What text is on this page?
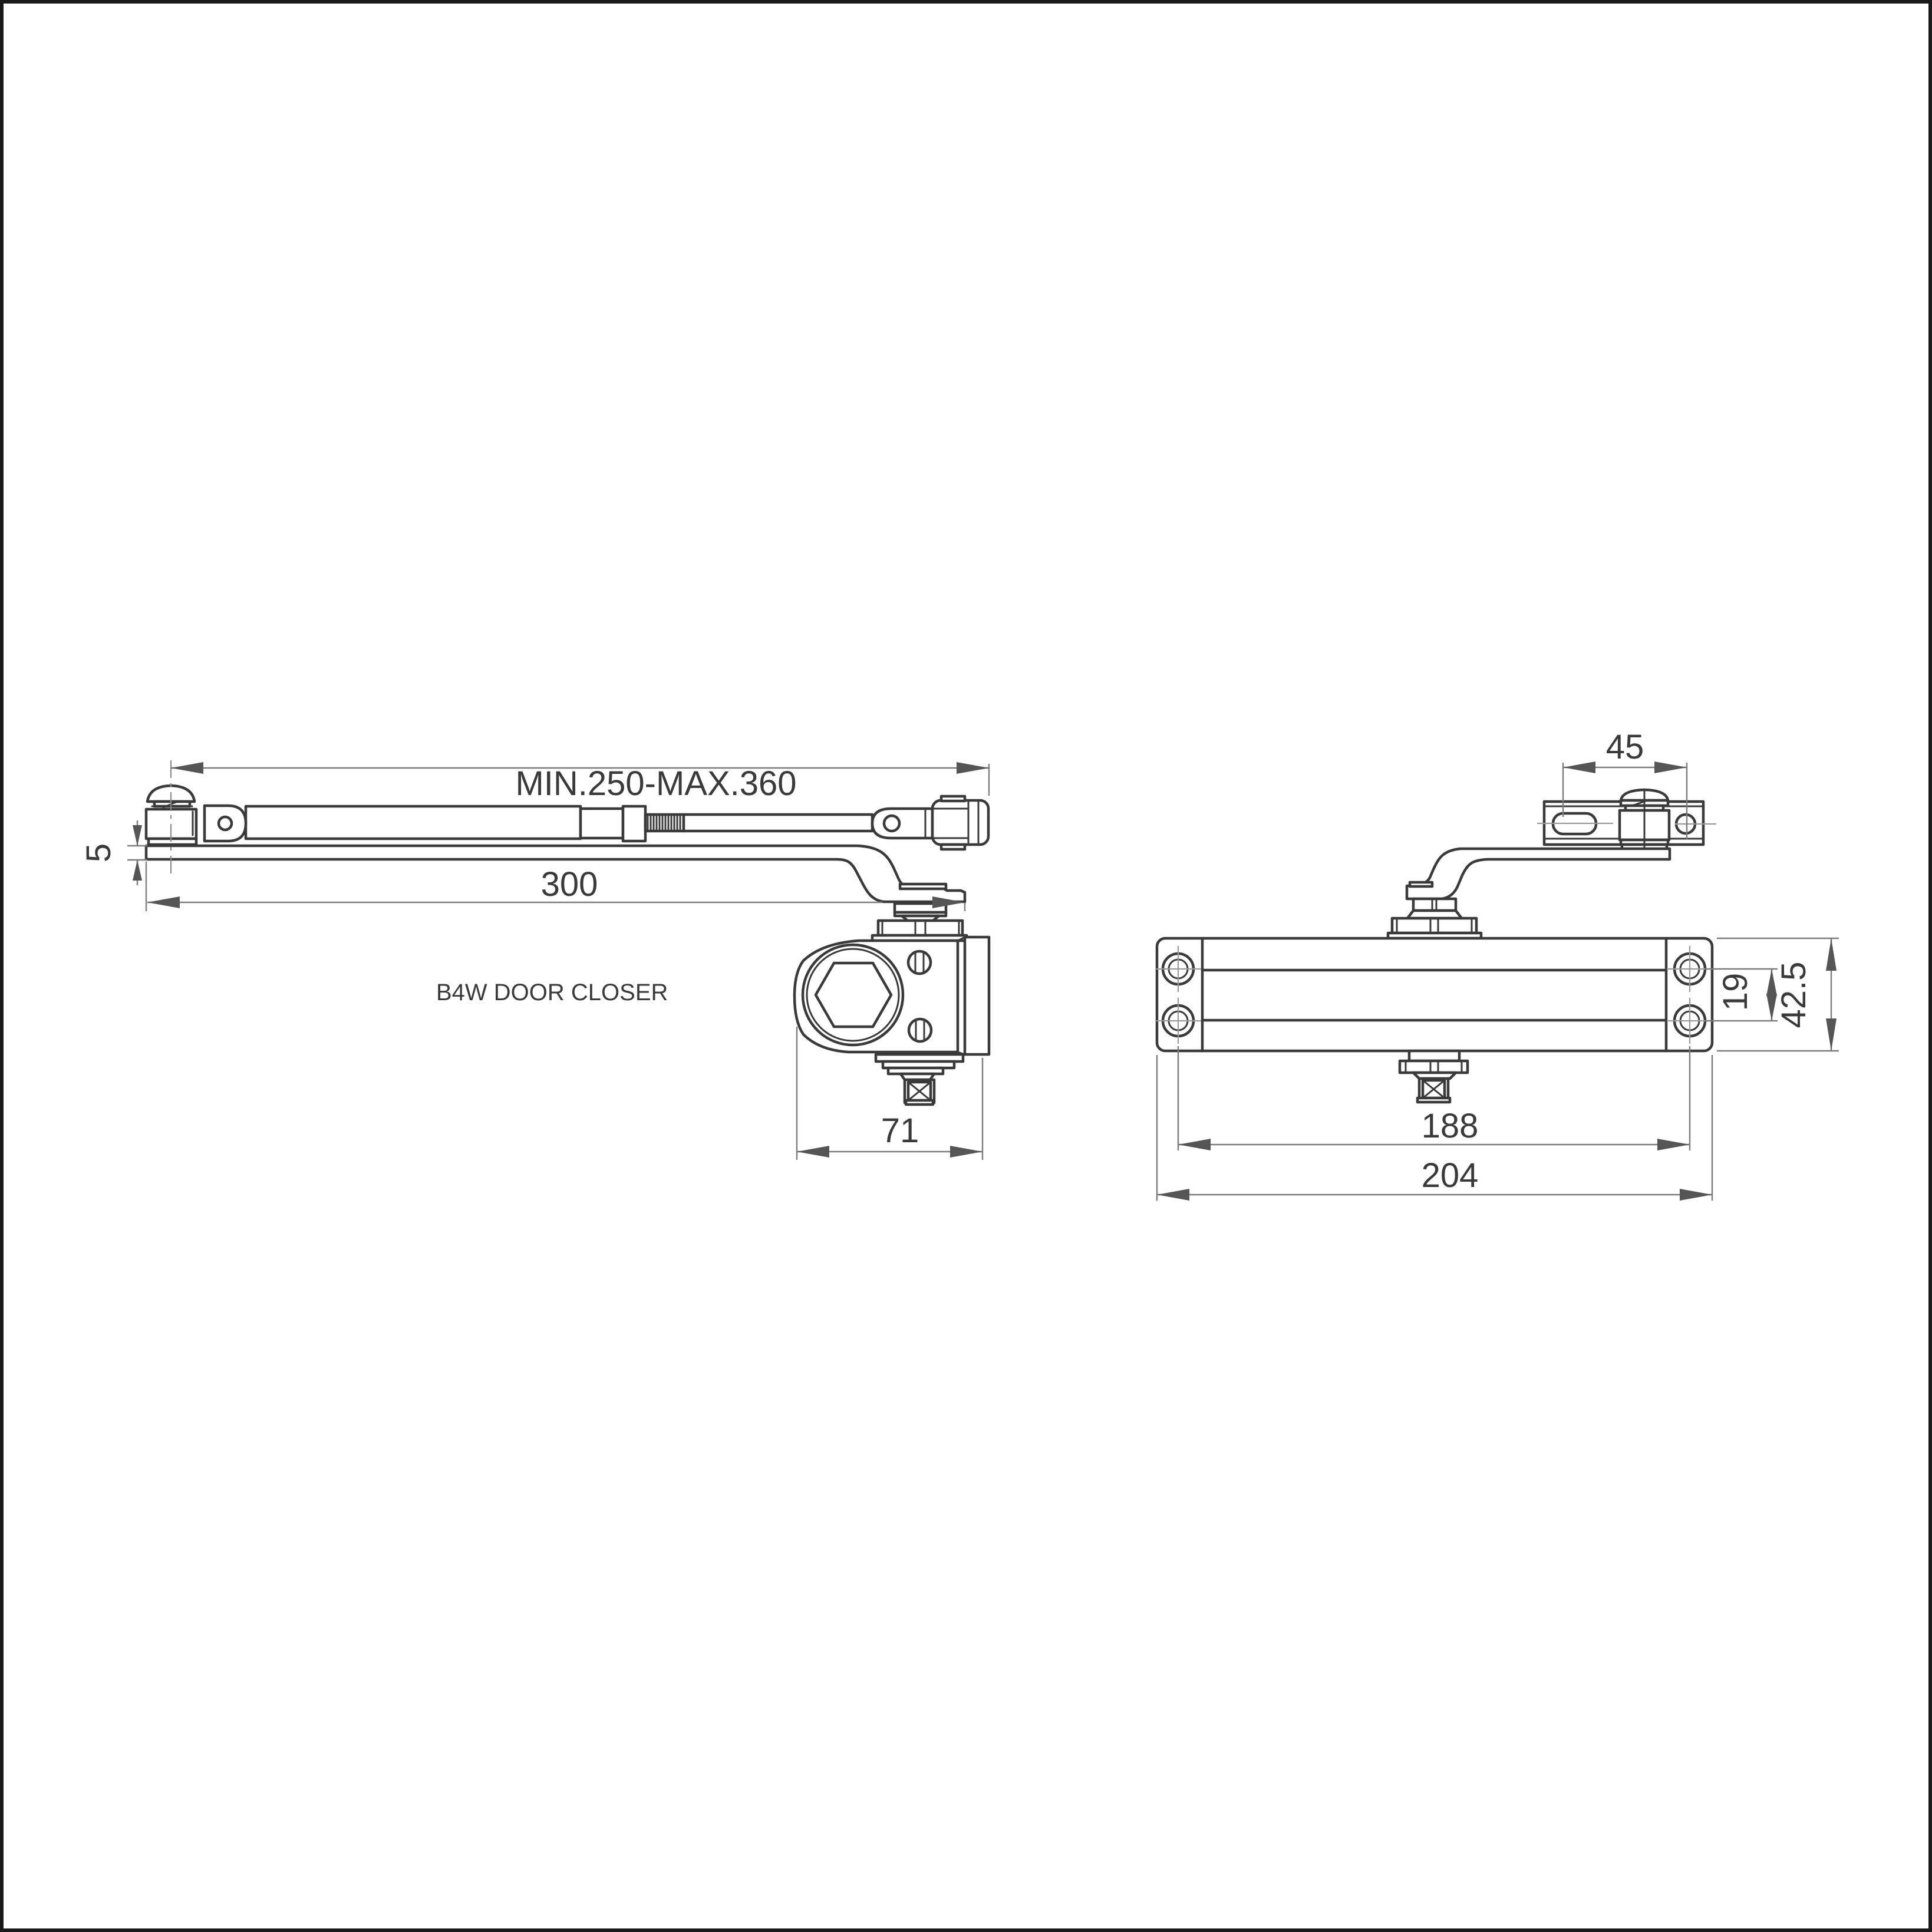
MIN.250-MAX.360
300
5
71
B4W DOOR CLOSER
45
19 42.5
188
204
